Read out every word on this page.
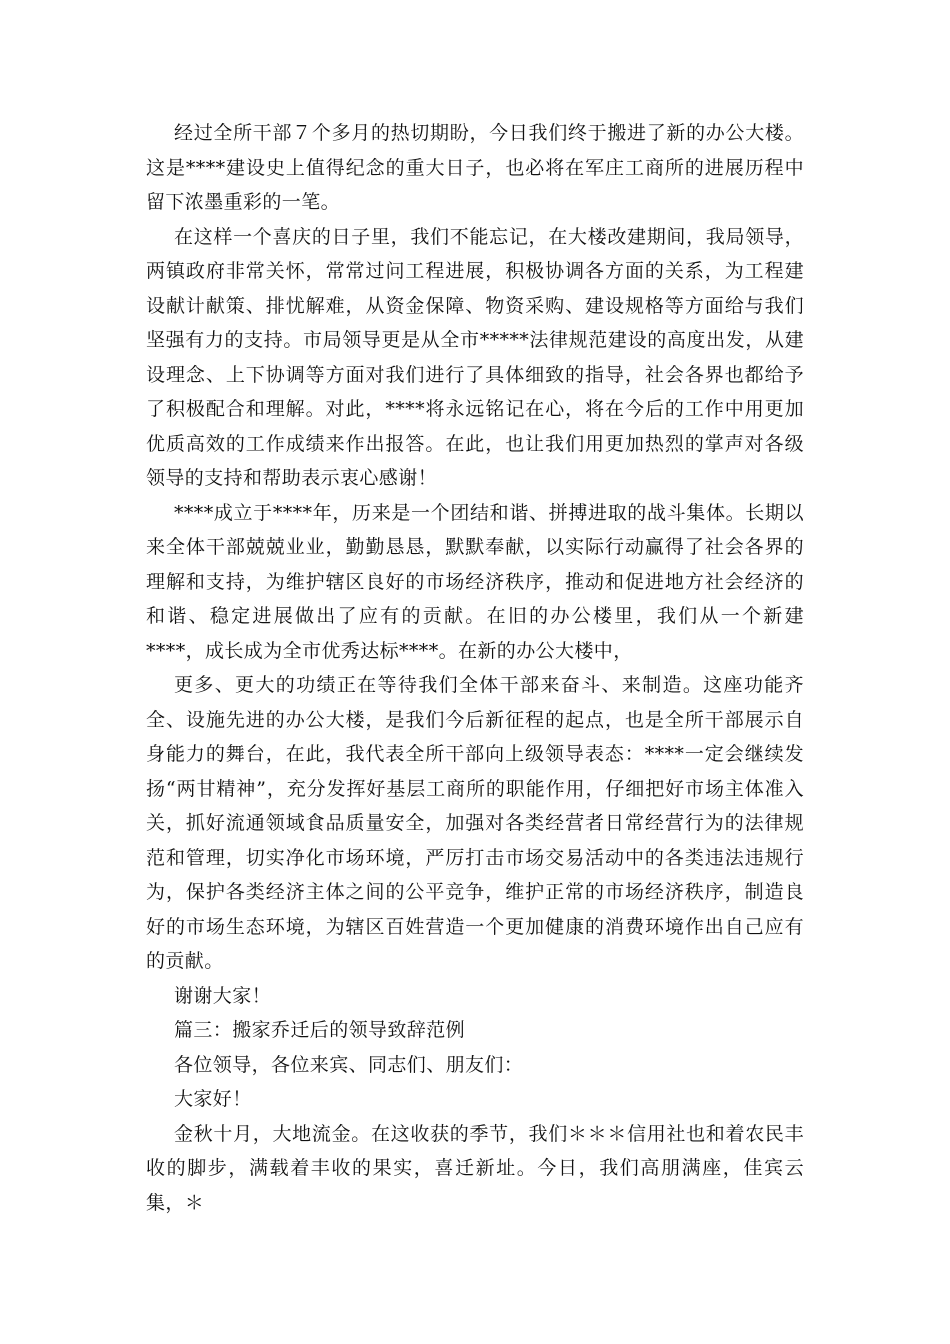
经过全所干部７个多月的热切期盼，今日我们终于搬进了新的办公大楼。这是****建设史上值得纪念的重大日子，也必将在军庄工商所的进展历程中留下浓墨重彩的一笔。

在这样一个喜庆的日子里，我们不能忘记，在大楼改建期间，我局领导，两镇政府非常关怀，常常过问工程进展，积极协调各方面的关系，为工程建设献计献策、排忧解难，从资金保障、物资采购、建设规格等方面给与我们坚强有力的支持。市局领导更是从全市*****法律规范建设的高度出发，从建设理念、上下协调等方面对我们进行了具体细致的指导，社会各界也都给予了积极配合和理解。对此，****将永远铭记在心，将在今后的工作中用更加优质高效的工作成绩来作出报答。在此，也让我们用更加热烈的掌声对各级领导的支持和帮助表示衷心感谢！

****成立于****年，历来是一个团结和谐、拼搏进取的战斗集体。长期以来全体干部兢兢业业，勤勤恳恳，默默奉献，以实际行动赢得了社会各界的理解和支持，为维护辖区良好的市场经济秩序，推动和促进地方社会经济的和谐、稳定进展做出了应有的贡献。在旧的办公楼里，我们从一个新建****，成长成为全市优秀达标****。在新的办公大楼中，

更多、更大的功绩正在等待我们全体干部来奋斗、来制造。这座功能齐全、设施先进的办公大楼，是我们今后新征程的起点，也是全所干部展示自身能力的舞台，在此，我代表全所干部向上级领导表态：****一定会继续发扬“两甘精神”，充分发挥好基层工商所的职能作用，仔细把好市场主体准入关，抓好流通领域食品质量安全，加强对各类经营者日常经营行为的法律规范和管理，切实净化市场环境，严厉打击市场交易活动中的各类违法违规行为，保护各类经济主体之间的公平竞争，维护正常的市场经济秩序，制造良好的市场生态环境，为辖区百姓营造一个更加健康的消费环境作出自己应有的贡献。

谢谢大家！

篇三：搬家乔迁后的领导致辞范例

各位领导，各位来宾、同志们、朋友们：

大家好！

金秋十月，大地流金。在这收获的季节，我们＊＊＊信用社也和着农民丰收的脚步，满载着丰收的果实，喜迁新址。今日，我们高朋满座，佳宾云集，＊
